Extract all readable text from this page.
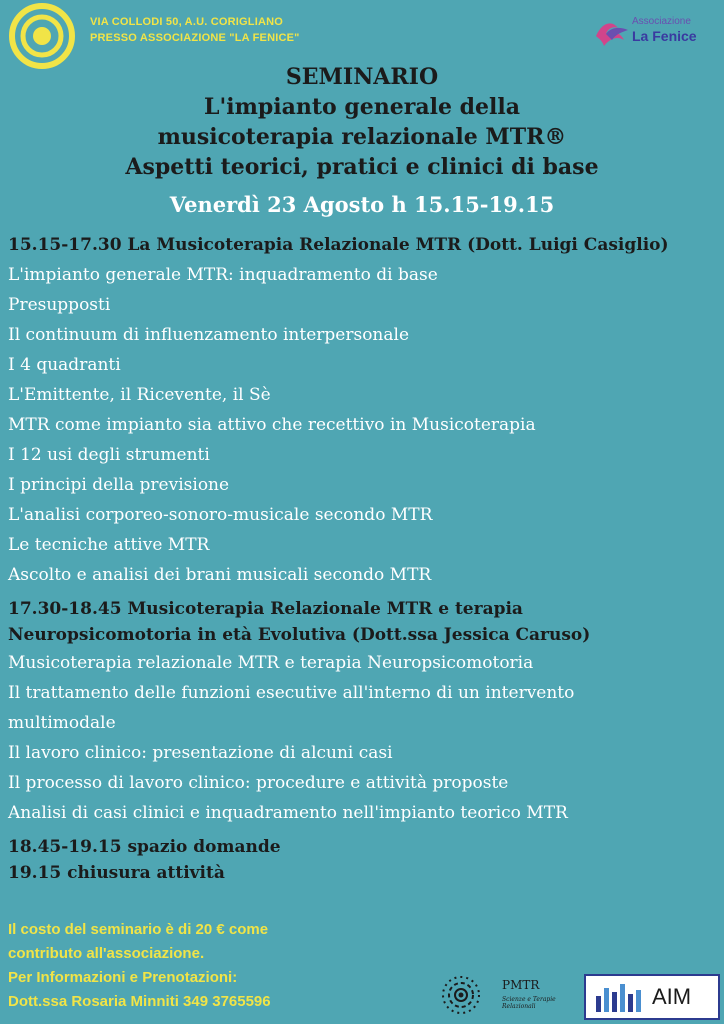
VIA COLLODI 50, A.U. CORIGLIANO
PRESSO ASSOCIAZIONE "LA FENICE"
Associazione
La Fenice
SEMINARIO
L'impianto generale della
musicoterapia relazionale MTR®
Aspetti teorici, pratici e clinici di base
Venerdì 23 Agosto h 15.15-19.15
15.15-17.30 La Musicoterapia Relazionale MTR (Dott. Luigi Casiglio)
L'impianto generale MTR: inquadramento di base
Presupposti
Il continuum di influenzamento interpersonale
I 4 quadranti
L'Emittente, il Ricevente, il Sè
MTR come impianto sia attivo che recettivo in Musicoterapia
I 12 usi degli strumenti
I principi della previsione
L'analisi corporeo-sonoro-musicale secondo MTR
Le tecniche attive MTR
Ascolto e analisi dei brani musicali secondo MTR
17.30-18.45 Musicoterapia Relazionale MTR e terapia
Neuropsicomotoria in età Evolutiva (Dott.ssa Jessica Caruso)
Musicoterapia relazionale MTR e terapia Neuropsicomotoria
Il trattamento delle funzioni esecutive all'interno di un intervento
multimodale
Il lavoro clinico: presentazione di alcuni casi
Il processo di lavoro clinico: procedure e attività proposte
Analisi di casi clinici e inquadramento nell'impianto teorico MTR
18.45-19.15 spazio domande
19.15 chiusura attività
Il costo del seminario è di 20 € come
contributo all'associazione.
Per Informazioni e Prenotazioni:
Dott.ssa Rosaria Minniti 349 3765596
PMTR
Scienze e Terapie Relazionali	AIM
